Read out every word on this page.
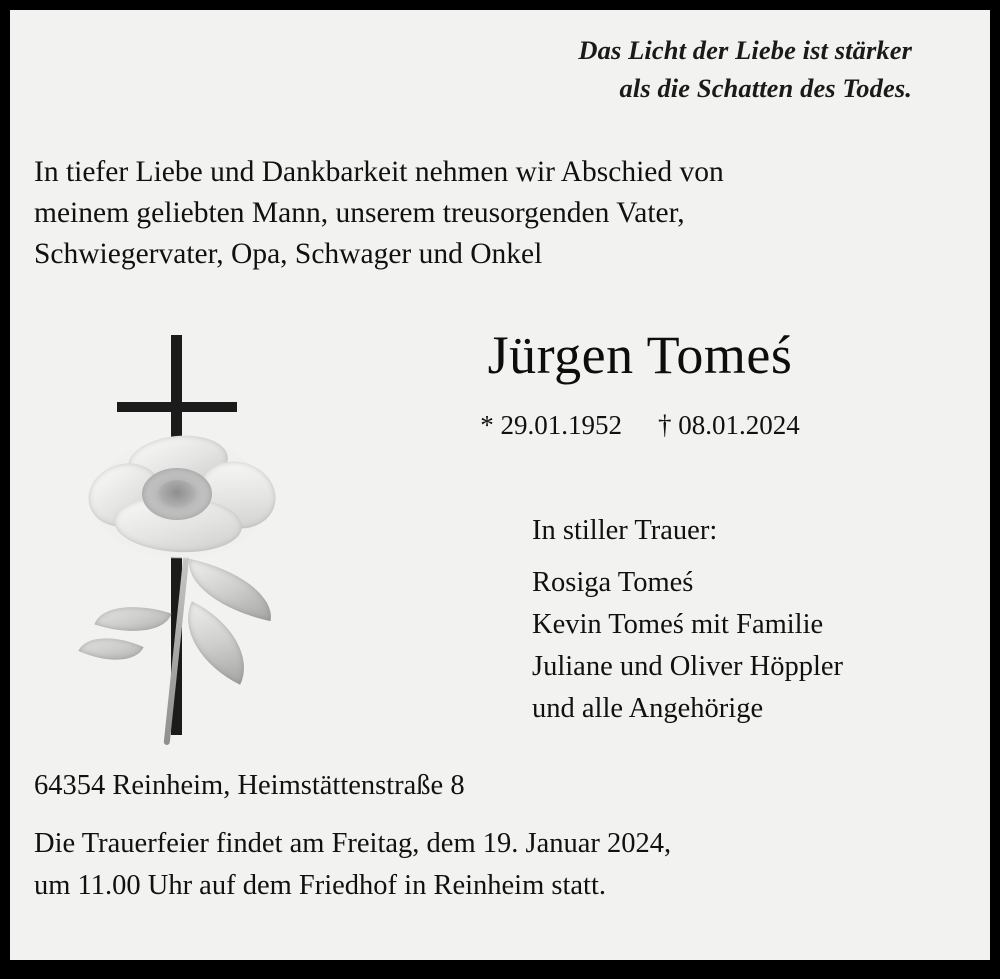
Das Licht der Liebe ist stärker
als die Schatten des Todes.
In tiefer Liebe und Dankbarkeit nehmen wir Abschied von
meinem geliebten Mann, unserem treusorgenden Vater,
Schwiegervater, Opa, Schwager und Onkel
Jürgen Tomeś
* 29.01.1952 † 08.01.2024
In stiller Trauer:
Rosiga Tomeś
Kevin Tomeś mit Familie
Juliane und Oliver Höppler
und alle Angehörige
64354 Reinheim, Heimstättenstraße 8
Die Trauerfeier findet am Freitag, dem 19. Januar 2024,
um 11.00 Uhr auf dem Friedhof in Reinheim statt.
